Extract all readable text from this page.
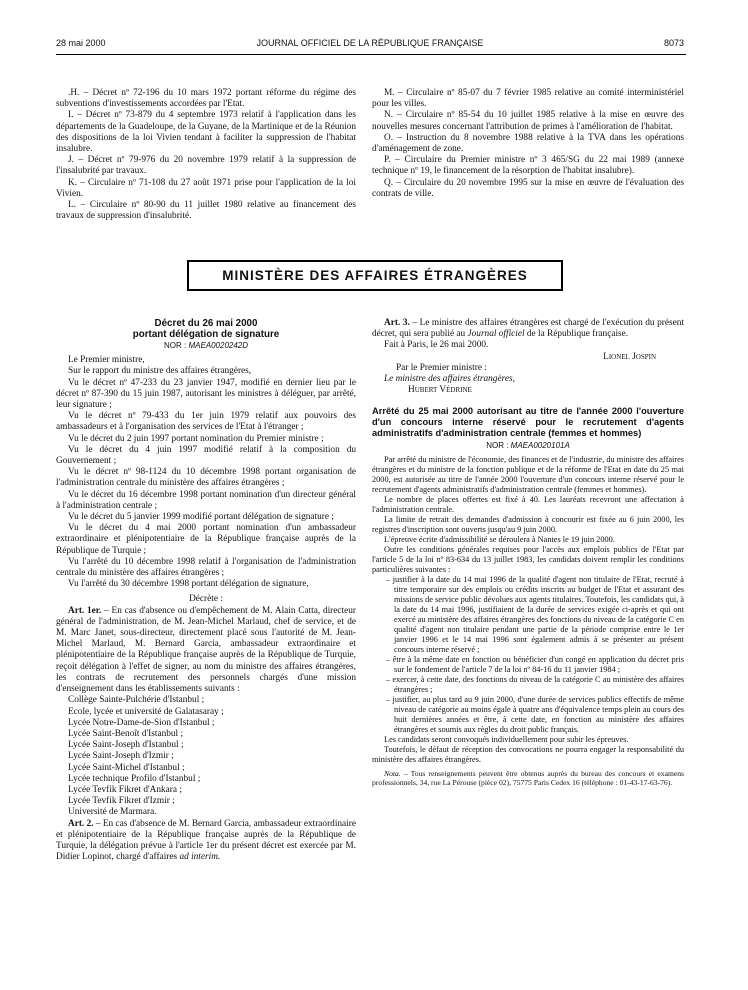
28 mai 2000	JOURNAL OFFICIEL DE LA RÉPUBLIQUE FRANÇAISE	8073

.H. – Décret nº 72-196 du 10 mars 1972 portant réforme du régime des subventions d'investissements accordées par l'Etat.

I. – Décret nº 73-879 du 4 septembre 1973 relatif à l'application dans les départements de la Guadeloupe, de la Guyane, de la Martinique et de la Réunion des dispositions de la loi Vivien tendant à faciliter la suppression de l'habitat insalubre.

J. – Décret nº 79-976 du 20 novembre 1979 relatif à la suppression de l'insalubrité par travaux.

K. – Circulaire nº 71-108 du 27 août 1971 prise pour l'application de la loi Vivien.

L. – Circulaire nº 80-90 du 11 juillet 1980 relative au financement des travaux de suppression d'insalubrité.

M. – Circulaire nº 85-07 du 7 février 1985 relative au comité interministériel pour les villes.

N. – Circulaire nº 85-54 du 10 juillet 1985 relative à la mise en œuvre des nouvelles mesures concernant l'attribution de primes à l'amélioration de l'habitat.

O. – Instruction du 8 novembre 1988 relative à la TVA dans les opérations d'aménagement de zone.

P. – Circulaire du Premier ministre nº 3 465/SG du 22 mai 1989 (annexe technique nº 19, le financement de la résorption de l'habitat insalubre).

Q. – Circulaire du 20 novembre 1995 sur la mise en œuvre de l'évaluation des contrats de ville.

MINISTÈRE DES AFFAIRES ÉTRANGÈRES
Décret du 26 mai 2000
portant délégation de signature
NOR : MAEA0020242D

Le Premier ministre,

Sur le rapport du ministre des affaires étrangères,

Vu le décret nº 47-233 du 23 janvier 1947, modifié en dernier lieu par le décret nº 87-390 du 15 juin 1987, autorisant les ministres à déléguer, par arrêté, leur signature ;

Vu le décret nº 79-433 du 1er juin 1979 relatif aux pouvoirs des ambassadeurs et à l'organisation des services de l'Etat à l'étranger ;

Vu le décret du 2 juin 1997 portant nomination du Premier ministre ;

Vu le décret du 4 juin 1997 modifié relatif à la composition du Gouvernement ;

Vu le décret nº 98-1124 du 10 décembre 1998 portant organisation de l'administration centrale du ministère des affaires étrangères ;

Vu le décret du 16 décembre 1998 portant nomination d'un directeur général à l'administration centrale ;

Vu le décret du 5 janvier 1999 modifié portant délégation de signature ;

Vu le décret du 4 mai 2000 portant nomination d'un ambassadeur extraordinaire et plénipotentiaire de la République française auprès de la République de Turquie ;

Vu l'arrêté du 10 décembre 1998 relatif à l'organisation de l'administration centrale du ministère des affaires étrangères ;

Vu l'arrêté du 30 décembre 1998 portant délégation de signature,

Décrète :

Art. 1er. – En cas d'absence ou d'empêchement de M. Alain Catta, directeur général de l'administration, de M. Jean-Michel Marlaud, chef de service, et de M. Marc Janet, sous-directeur, directement placé sous l'autorité de M. Jean-Michel Marlaud, M. Bernard Garcia, ambassadeur extraordinaire et plénipotentiaire de la République française auprès de la République de Turquie, reçoit délégation à l'effet de signer, au nom du ministre des affaires étrangères, les contrats de recrutement des personnels chargés d'une mission d'enseignement dans les établissements suivants :

Collège Sainte-Pulchérie d'Istanbul ;

Ecole, lycée et université de Galatasaray ;

Lycée Notre-Dame-de-Sion d'Istanbul ;

Lycée Saint-Benoît d'Istanbul ;

Lycée Saint-Joseph d'Istanbul ;

Lycée Saint-Joseph d'Izmir ;

Lycée Saint-Michel d'Istanbul ;

Lycée technique Profilo d'Istanbul ;

Lycée Tevfik Fikret d'Ankara ;

Lycée Tevfik Fikret d'Izmir ;

Université de Marmara.

Art. 2. – En cas d'absence de M. Bernard Garcia, ambassadeur extraordinaire et plénipotentiaire de la République française auprès de la République de Turquie, la délégation prévue à l'article 1er du présent décret est exercée par M. Didier Lopinot, chargé d'affaires ad interim.

Art. 3. – Le ministre des affaires étrangères est chargé de l'exécution du présent décret, qui sera publié au Journal officiel de la République française.

Fait à Paris, le 26 mai 2000.

Lionel Jospin

Par le Premier ministre :

Le ministre des affaires étrangères,

Hubert Védrine

Arrêté du 25 mai 2000 autorisant au titre de l'année 2000 l'ouverture d'un concours interne réservé pour le recrutement d'agents administratifs d'administration centrale (femmes et hommes)
NOR : MAEA0020101A

Par arrêté du ministre de l'économie, des finances et de l'industrie, du ministre des affaires étrangères et du ministre de la fonction publique et de la réforme de l'Etat en date du 25 mai 2000, est autorisée au titre de l'année 2000 l'ouverture d'un concours interne réservé pour le recrutement d'agents administratifs d'administration centrale (femmes et hommes).

Le nombre de places offertes est fixé à 40. Les lauréats recevront une affectation à l'administration centrale.

La limite de retrait des demandes d'admission à concourir est fixée au 6 juin 2000, les registres d'inscription sont ouverts jusqu'au 9 juin 2000.

L'épreuve écrite d'admissibilité se déroulera à Nantes le 19 juin 2000.

Outre les conditions générales requises pour l'accès aux emplois publics de l'Etat par l'article 5 de la loi nº 83-634 du 13 juillet 1983, les candidats doivent remplir les conditions particulières suivantes :

– justifier à la date du 14 mai 1996 de la qualité d'agent non titulaire de l'Etat, recruté à titre temporaire sur des emplois ou crédits inscrits au budget de l'Etat et assurant des missions de service public dévolues aux agents titulaires. Toutefois, les candidats qui, à la date du 14 mai 1996, justifiaient de la durée de services exigée ci-après et qui ont exercé au ministère des affaires étrangères des fonctions du niveau de la catégorie C en qualité d'agent non titulaire pendant une partie de la période comprise entre le 1er janvier 1996 et le 14 mai 1996 sont également admis à se présenter au présent concours interne réservé ;

– être à la même date en fonction ou bénéficier d'un congé en application du décret pris sur le fondement de l'article 7 de la loi nº 84-16 du 11 janvier 1984 ;

– exercer, à cette date, des fonctions du niveau de la catégorie C au ministère des affaires étrangères ;

– justifier, au plus tard au 9 juin 2000, d'une durée de services publics effectifs de même niveau de catégorie au moins égale à quatre ans d'équivalence temps plein au cours des huit dernières années et être, à cette date, en fonction au ministère des affaires étrangères et soumis aux règles du droit public français.

Les candidats seront convoqués individuellement pour subir les épreuves.

Toutefois, le défaut de réception des convocations ne pourra engager la responsabilité du ministère des affaires étrangères.

Nota. – Tous renseignements peuvent être obtenus auprès du bureau des concours et examens professionnels, 34, rue La Pérouse (pièce 02), 75775 Paris Cedex 16 (téléphone : 01-43-17-63-76).
